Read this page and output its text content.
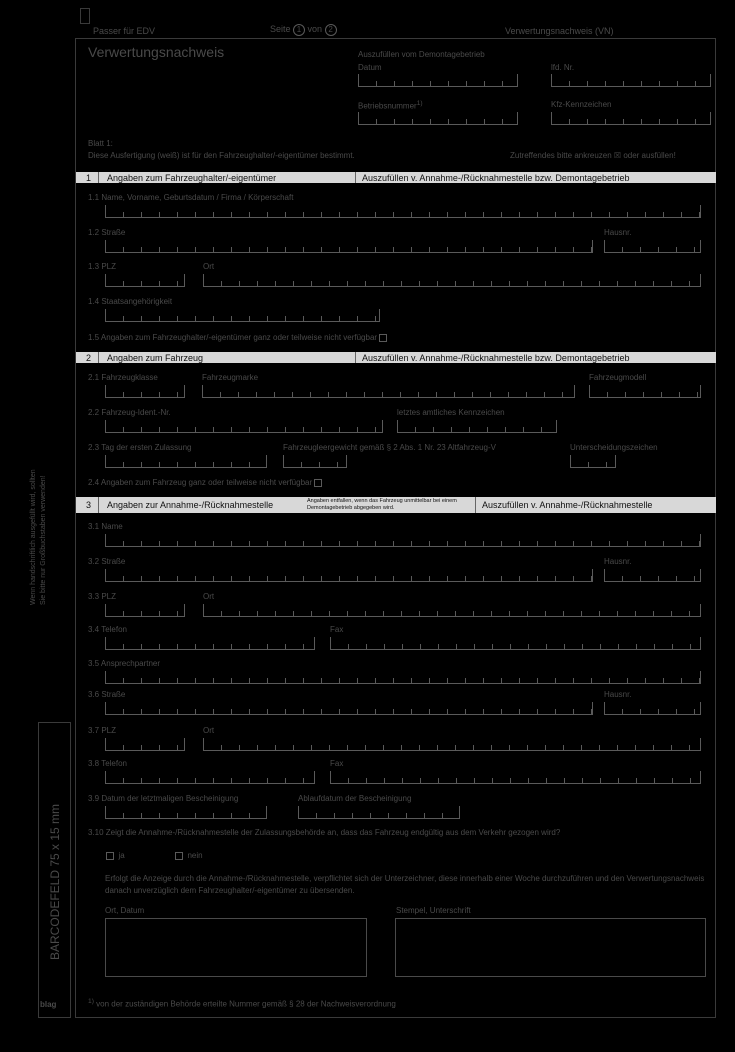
Passer für EDV	Seite 1 von 2	Verwertungsnachweis (VN)
Verwertungsnachweis	Auszufüllen vom Demontagebetrieb
Datum	lfd. Nr.
Betriebsnummer$^{1)}$	Kfz-Kennzeichen
Blatt 1:
Diese Ausfertigung (weiß) ist für den Fahrzeughalter/-eigentümer bestimmt.	Zutreffendes bitte ankreuzen ☒ oder ausfüllen!
1	Angaben zum Fahrzeughalter/-eigentümer	Auszufüllen v. Annahme-/Rücknahmestelle bzw. Demontagebetrieb
1.1 Name, Vorname, Geburtsdatum / Firma / Körperschaft
1.2 Straße	Hausnr.
1.3 PLZ	Ort
1.4 Staatsangehörigkeit
1.5 Angaben zum Fahrzeughalter/-eigentümer ganz oder teilweise nicht verfügbar
2	Angaben zum Fahrzeug	Auszufüllen v. Annahme-/Rücknahmestelle bzw. Demontagebetrieb
2.1 Fahrzeugklasse	Fahrzeugmarke	Fahrzeugmodell
2.2 Fahrzeug-Ident.-Nr.	letztes amtliches Kennzeichen
2.3 Tag der ersten Zulassung	Fahrzeugleergewicht gemäß § 2 Abs. 1 Nr. 23 Altfahrzeug-V	Unterscheidungszeichen
2.4 Angaben zum Fahrzeug ganz oder teilweise nicht verfügbar
3	Angaben zur Annahme-/Rücknahmestelle	Angaben entfallen, wenn das Fahrzeug unmittelbar bei einem Demontagebetrieb abgegeben wird.	Auszufüllen v. Annahme-/Rücknahmestelle
3.1 Name
3.2 Straße	Hausnr.
3.3 PLZ	Ort
3.4 Telefon	Fax
3.5 Ansprechpartner
3.6 Straße	Hausnr.
3.7 PLZ	Ort
3.8 Telefon	Fax
3.9 Datum der letztmaligen Bescheinigung	Ablaufdatum der Bescheinigung
3.10 Zeigt die Annahme-/Rücknahmestelle der Zulassungsbehörde an, dass das Fahrzeug endgültig aus dem Verkehr gezogen wird?
ja	nein
Erfolgt die Anzeige durch die Annahme-/Rücknahmestelle, verpflichtet sich der Unterzeichner, diese innerhalb einer Woche durchzuführen und den Verwertungsnachweis danach unverzüglich dem Fahrzeughalter/-eigentümer zu übersenden.
Ort, Datum	Stempel, Unterschrift
$^{1)}$ von der zuständigen Behörde erteilte Nummer gemäß § 28 der Nachweisverordnung
Wenn handschriftlich ausgefüllt wird, sollten Sie bitte nur Großbuchstaben verwenden!
BARCODEFELD 75 x 15 mm
blag
